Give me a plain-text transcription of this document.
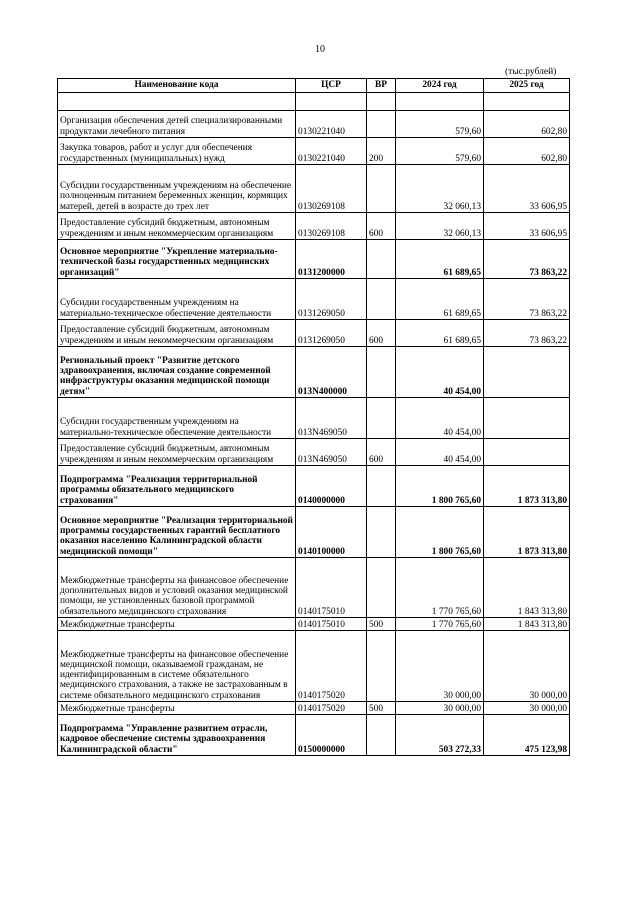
10
(тыс.рублей)
Наименование кода	ЦСР	ВР	2024 год	2025 год

Организация обеспечения детей специализированными продуктами лечебного питания	0130221040		579,60	602,80
Закупка товаров, работ и услуг для обеспечения государственных (муниципальных) нужд	0130221040	200	579,60	602,80
Субсидии государственным учреждениям на обеспечение полноценным питанием беременных женщин, кормящих матерей, детей в возрасте до трех лет	0130269108		32 060,13	33 606,95
Предоставление субсидий бюджетным, автономным учреждениям и иным некоммерческим организациям	0130269108	600	32 060,13	33 606,95
Основное мероприятие "Укрепление материально-технической базы государственных медицинских организаций"	0131200000		61 689,65	73 863,22
Субсидии государственным учреждениям на материально-техническое обеспечение деятельности	0131269050		61 689,65	73 863,22
Предоставление субсидий бюджетным, автономным учреждениям и иным некоммерческим организациям	0131269050	600	61 689,65	73 863,22
Региональный проект "Развитие детского здравоохранения, включая создание современной инфраструктуры оказания медицинской помощи детям"	013N400000		40 454,00	
Субсидии государственным учреждениям на материально-техническое обеспечение деятельности	013N469050		40 454,00	
Предоставление субсидий бюджетным, автономным учреждениям и иным некоммерческим организациям	013N469050	600	40 454,00	
Подпрограмма "Реализация территориальной программы обязательного медицинского страхования"	0140000000		1 800 765,60	1 873 313,80
Основное мероприятие "Реализация территориальной программы государственных гарантий бесплатного оказания населению Калининградской области медицинской помощи"	0140100000		1 800 765,60	1 873 313,80
Межбюджетные трансферты на финансовое обеспечение дополнительных видов и условий оказания медицинской помощи, не установленных базовой программой обязательного медицинского страхования	0140175010		1 770 765,60	1 843 313,80
Межбюджетные трансферты	0140175010	500	1 770 765,60	1 843 313,80
Межбюджетные трансферты на финансовое обеспечение медицинской помощи, оказываемой гражданам, не идентифицированным в системе обязательного медицинского страхования, а также не застрахованным в системе обязательного медицинского страхования	0140175020		30 000,00	30 000,00
Межбюджетные трансферты	0140175020	500	30 000,00	30 000,00
Подпрограмма "Управление развитием отрасли, кадровое обеспечение системы здравоохранения Калининградской области"	0150000000		503 272,33	475 123,98
